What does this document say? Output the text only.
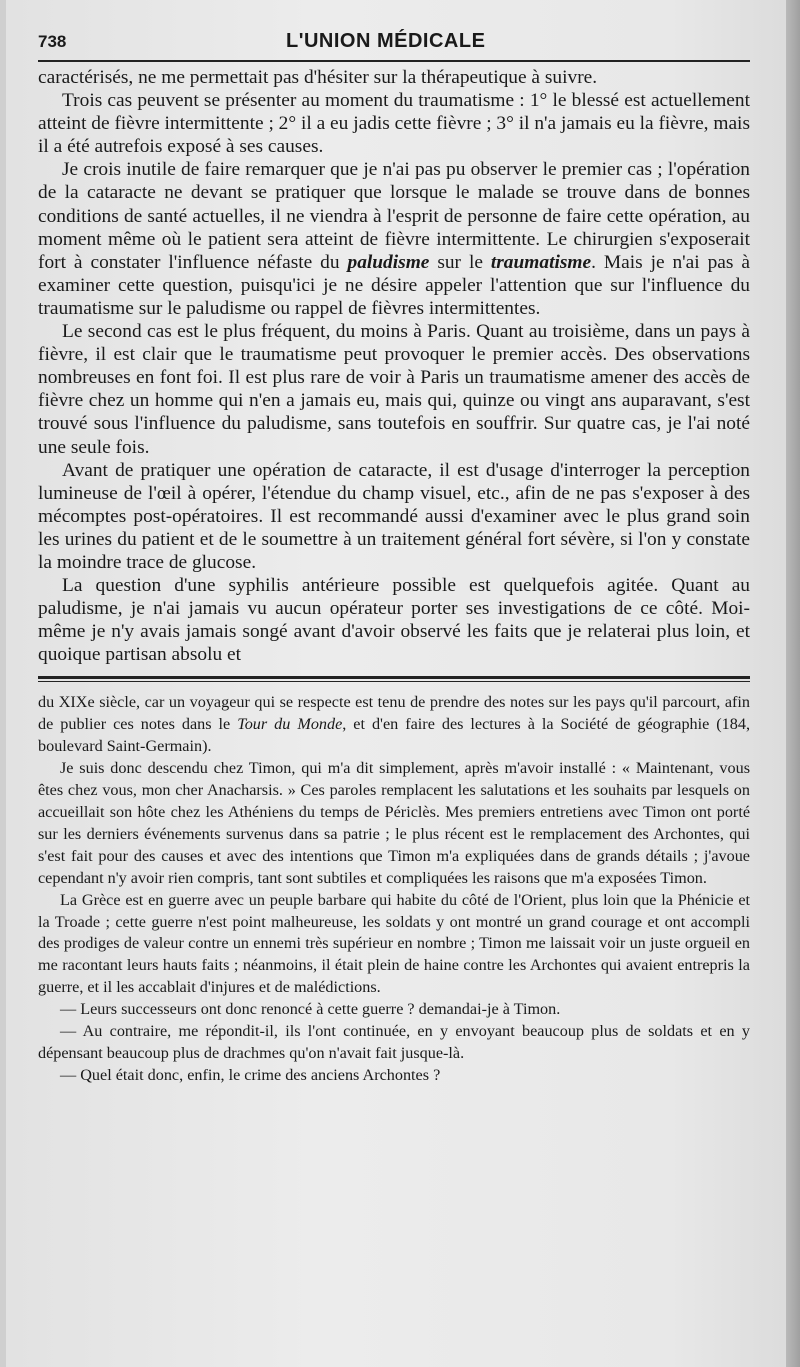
738	L'UNION MÉDICALE

caractérisés, ne me permettait pas d'hésiter sur la thérapeutique à suivre.

Trois cas peuvent se présenter au moment du traumatisme : 1° le blessé est actuellement atteint de fièvre intermittente ; 2° il a eu jadis cette fièvre ; 3° il n'a jamais eu la fièvre, mais il a été autrefois exposé à ses causes.

Je crois inutile de faire remarquer que je n'ai pas pu observer le premier cas ; l'opération de la cataracte ne devant se pratiquer que lorsque le malade se trouve dans de bonnes conditions de santé actuelles, il ne viendra à l'esprit de personne de faire cette opération, au moment même où le patient sera atteint de fièvre intermittente. Le chirurgien s'exposerait fort à constater l'influence néfaste du paludisme sur le traumatisme. Mais je n'ai pas à examiner cette question, puisqu'ici je ne désire appeler l'attention que sur l'influence du traumatisme sur le paludisme ou rappel de fièvres intermittentes.

Le second cas est le plus fréquent, du moins à Paris. Quant au troisième, dans un pays à fièvre, il est clair que le traumatisme peut provoquer le premier accès. Des observations nombreuses en font foi. Il est plus rare de voir à Paris un traumatisme amener des accès de fièvre chez un homme qui n'en a jamais eu, mais qui, quinze ou vingt ans auparavant, s'est trouvé sous l'influence du paludisme, sans toutefois en souffrir. Sur quatre cas, je l'ai noté une seule fois.

Avant de pratiquer une opération de cataracte, il est d'usage d'interroger la perception lumineuse de l'œil à opérer, l'étendue du champ visuel, etc., afin de ne pas s'exposer à des mécomptes post-opératoires. Il est recommandé aussi d'examiner avec le plus grand soin les urines du patient et de le soumettre à un traitement général fort sévère, si l'on y constate la moindre trace de glucose.

La question d'une syphilis antérieure possible est quelquefois agitée. Quant au paludisme, je n'ai jamais vu aucun opérateur porter ses investigations de ce côté. Moi-même je n'y avais jamais songé avant d'avoir observé les faits que je relaterai plus loin, et quoique partisan absolu et

du XIXe siècle, car un voyageur qui se respecte est tenu de prendre des notes sur les pays qu'il parcourt, afin de publier ces notes dans le Tour du Monde, et d'en faire des lectures à la Société de géographie (184, boulevard Saint-Germain).

Je suis donc descendu chez Timon, qui m'a dit simplement, après m'avoir installé : « Maintenant, vous êtes chez vous, mon cher Anacharsis. » Ces paroles remplacent les salutations et les souhaits par lesquels on accueillait son hôte chez les Athéniens du temps de Périclès. Mes premiers entretiens avec Timon ont porté sur les derniers événements survenus dans sa patrie ; le plus récent est le remplacement des Archontes, qui s'est fait pour des causes et avec des intentions que Timon m'a expliquées dans de grands détails ; j'avoue cependant n'y avoir rien compris, tant sont subtiles et compliquées les raisons que m'a exposées Timon.

La Grèce est en guerre avec un peuple barbare qui habite du côté de l'Orient, plus loin que la Phénicie et la Troade ; cette guerre n'est point malheureuse, les soldats y ont montré un grand courage et ont accompli des prodiges de valeur contre un ennemi très supérieur en nombre ; Timon me laissait voir un juste orgueil en me racontant leurs hauts faits ; néanmoins, il était plein de haine contre les Archontes qui avaient entrepris la guerre, et il les accablait d'injures et de malédictions.

— Leurs successeurs ont donc renoncé à cette guerre ? demandai-je à Timon.

— Au contraire, me répondit-il, ils l'ont continuée, en y envoyant beaucoup plus de soldats et en y dépensant beaucoup plus de drachmes qu'on n'avait fait jusque-là.

— Quel était donc, enfin, le crime des anciens Archontes ?
